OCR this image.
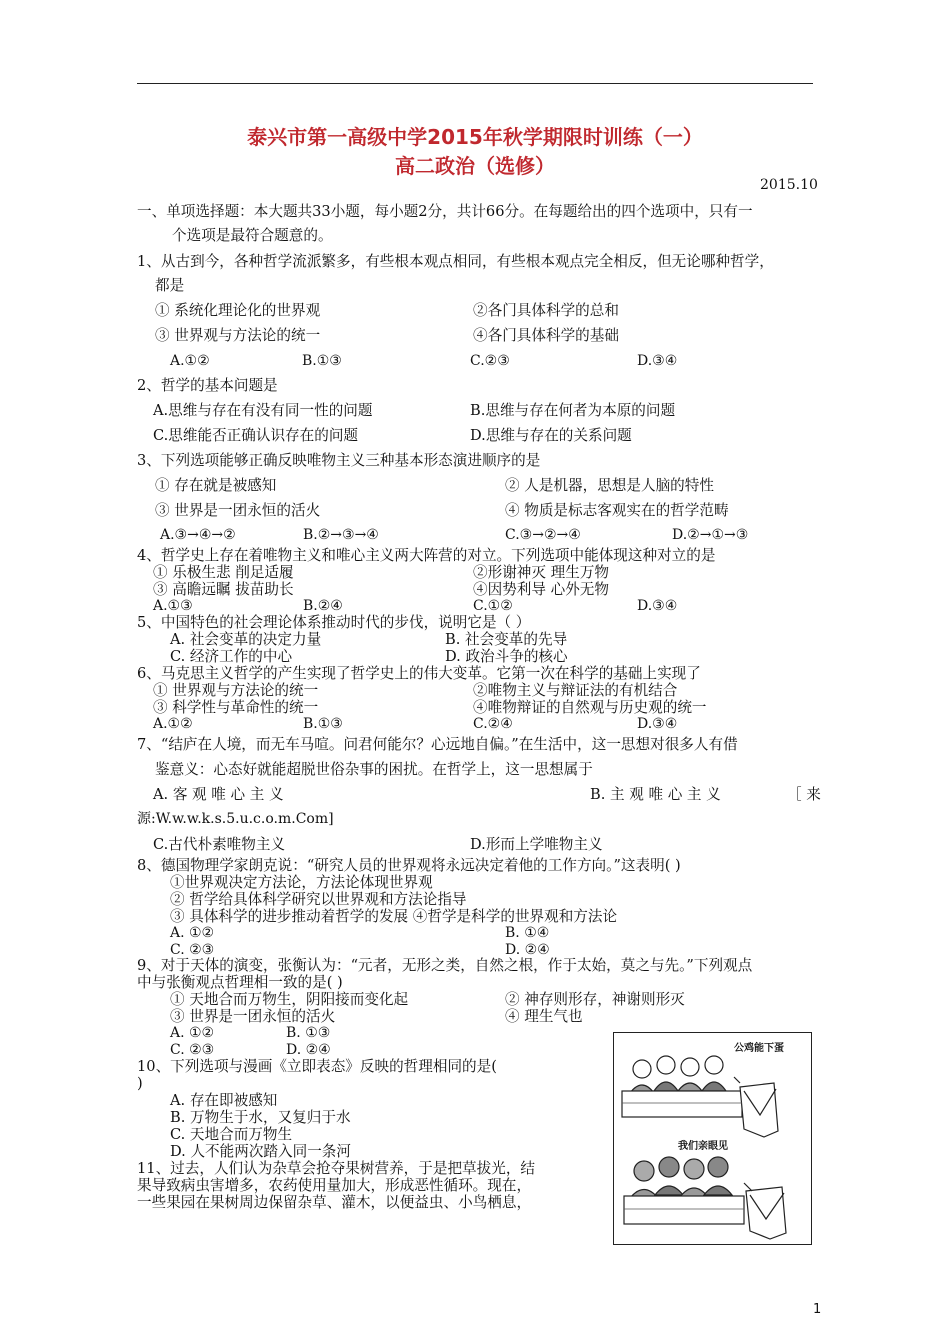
泰兴市第一高级中学2015年秋学期限时训练（一）
高二政治（选修）
2015.10
一、单项选择题：本大题共33小题，每小题2分，共计66分。在每题给出的四个选项中，只有一
个选项是最符合题意的。
1、从古到今，各种哲学流派繁多，有些根本观点相同，有些根本观点完全相反，但无论哪种哲学，
都是
① 系统化理论化的世界观	②各门具体科学的总和
③ 世界观与方法论的统一	④各门具体科学的基础
A.①②	B.①③	C.②③	D.③④
2、哲学的基本问题是
A.思维与存在有没有同一性的问题	B.思维与存在何者为本原的问题
C.思维能否正确认识存在的问题	D.思维与存在的关系问题
3、下列选项能够正确反映唯物主义三种基本形态演进顺序的是
① 存在就是被感知	② 人是机器，思想是人脑的特性
③ 世界是一团永恒的活火	④ 物质是标志客观实在的哲学范畴
A.③→④→②	B.②→③→④	C.③→②→④	D.②→①→③
4、哲学史上存在着唯物主义和唯心主义两大阵营的对立。下列选项中能体现这种对立的是
① 乐极生悲 削足适履	②形谢神灭 理生万物
③ 高瞻远瞩 拔苗助长	④因势利导 心外无物
A.①③	B.②④	C.①②	D.③④
5、中国特色的社会理论体系推动时代的步伐，说明它是（ ）
A. 社会变革的决定力量	B. 社会变革的先导
C. 经济工作的中心	D. 政治斗争的核心
6、马克思主义哲学的产生实现了哲学史上的伟大变革。它第一次在科学的基础上实现了
① 世界观与方法论的统一	②唯物主义与辩证法的有机结合
③ 科学性与革命性的统一	④唯物辩证的自然观与历史观的统一
A.①②	B.①③	C.②④	D.③④
7、“结庐在人境，而无车马喧。问君何能尔？心远地自偏。”在生活中，这一思想对很多人有借
鉴意义：心态好就能超脱世俗杂事的困扰。在哲学上，这一思想属于
A. 客 观 唯 心 主 义	B. 主 观 唯 心 主 义	［ 来
源:W.w.w.k.s.5.u.c.o.m.Com]
C.古代朴素唯物主义	D.形而上学唯物主义
8、德国物理学家朗克说：“研究人员的世界观将永远决定着他的工作方向。”这表明( )
①世界观决定方法论，方法论体现世界观
② 哲学给具体科学研究以世界观和方法论指导
③ 具体科学的进步推动着哲学的发展 ④哲学是科学的世界观和方法论
A. ①②	B. ①④
C. ②③	D. ②④
9、对于天体的演变，张衡认为：“元者，无形之类，自然之根，作于太始，莫之与先。”下列观点
中与张衡观点哲理相一致的是( )
① 天地合而万物生，阴阳接而变化起	② 神存则形存，神谢则形灭
③ 世界是一团永恒的活火	④ 理生气也
A. ①②	B. ①③
C. ②③	D. ②④
10、下列选项与漫画《立即表态》反映的哲理相同的是(
)
A. 存在即被感知
B. 万物生于水，又复归于水
C. 天地合而万物生
D. 人不能两次踏入同一条河
11、过去，人们认为杂草会抢夺果树营养，于是把草拔光，结
果导致病虫害增多，农药使用量加大，形成恶性循环。现在，
一些果园在果树周边保留杂草、灌木，以便益虫、小鸟栖息，
公鸡能下蛋
我们亲眼见
1
